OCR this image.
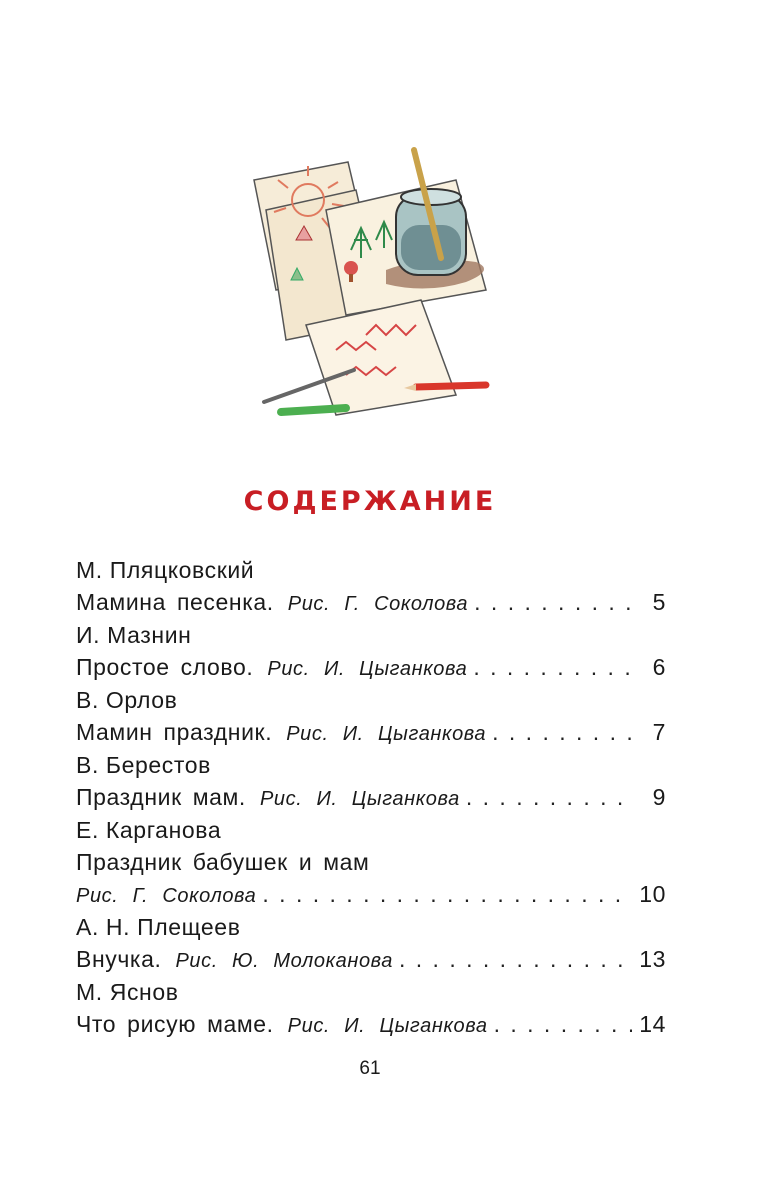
СОДЕРЖАНИЕ
М. Пляцковский
Мамина песенка. Рис. Г. Соколова . . .	5
И. Мазнин
Простое слово. Рис. И. Цыганкова . . .	6
В. Орлов
Мамин праздник. Рис. И. Цыганкова . . .	7
В. Берестов
Праздник мам. Рис. И. Цыганкова . . .	9
Е. Карганова
Праздник бабушек и мам
Рис. Г. Соколова . . .	10
А. Н. Плещеев
Внучка. Рис. Ю. Молоканова . . .	13
М. Яснов
Что рисую маме. Рис. И. Цыганкова . . .	14
61
